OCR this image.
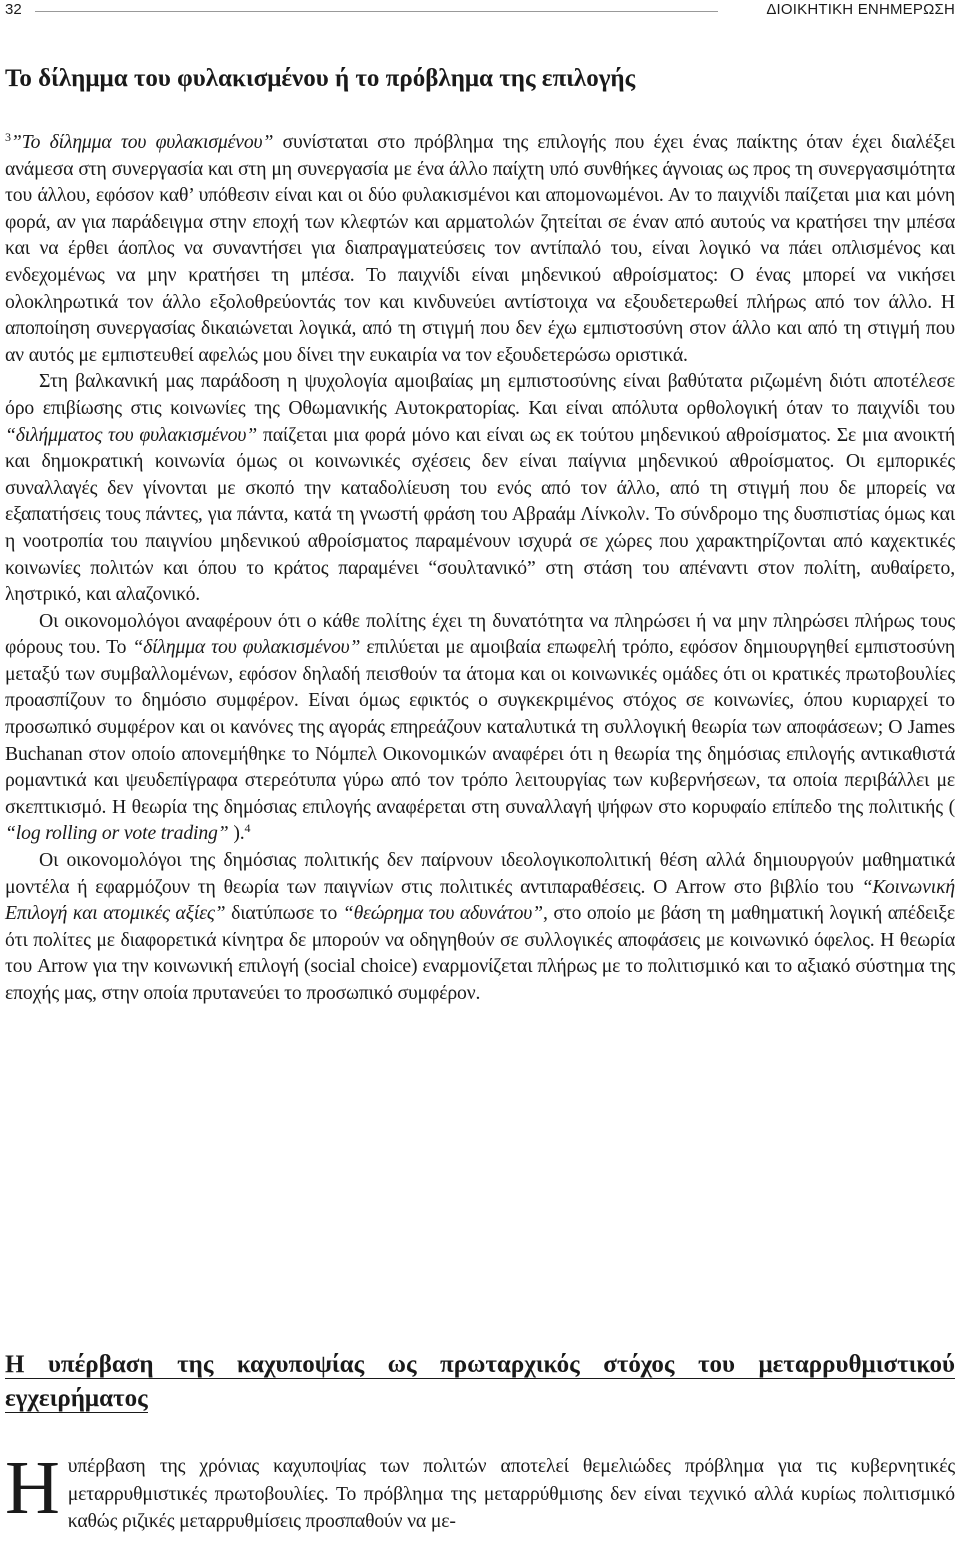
32	ΔΙΟΙΚΗΤΙΚΗ ΕΝΗΜΕΡΩΣΗ
Το δίλημμα του φυλακισμένου ή το πρόβλημα της επιλογής

$^3$”Το δίλημμα του φυλακισμένου” συνίσταται στο πρόβλημα της επιλογής που έχει ένας παίκτης όταν έχει διαλέξει ανάμεσα στη συνεργασία και στη μη συνεργασία με ένα άλλο παίχτη υπό συνθήκες άγνοιας ως προς τη συνεργασιμότητα του άλλου, εφόσον καθ’ υπόθεσιν είναι και οι δύο φυλακισμένοι και απομονωμένοι. Αν το παιχνίδι παίζεται μια και μόνη φορά, αν για παράδειγμα στην εποχή των κλεφτών και αρματολών ζητείται σε έναν από αυτούς να κρατήσει την μπέσα και να έρθει άοπλος να συναντήσει για διαπραγματεύσεις τον αντίπαλό του, είναι λογικό να πάει οπλισμένος και ενδεχομένως να μην κρατήσει τη μπέσα. Το παιχνίδι είναι μηδενικού αθροίσματος: Ο ένας μπορεί να νικήσει ολοκληρωτικά τον άλλο εξολοθρεύοντάς τον και κινδυνεύει αντίστοιχα να εξουδετερωθεί πλήρως από τον άλλο. Η αποποίηση συνεργασίας δικαιώνεται λογικά, από τη στιγμή που δεν έχω εμπιστοσύνη στον άλλο και από τη στιγμή που αν αυτός με εμπιστευθεί αφελώς μου δίνει την ευκαιρία να τον εξουδετερώσω οριστικά.

Στη βαλκανική μας παράδοση η ψυχολογία αμοιβαίας μη εμπιστοσύνης είναι βαθύτατα ριζωμένη διότι αποτέλεσε όρο επιβίωσης στις κοινωνίες της Οθωμανικής Αυτοκρατορίας. Και είναι απόλυτα ορθολογική όταν το παιχνίδι του “διλήμματος του φυλακισμένου” παίζεται μια φορά μόνο και είναι ως εκ τούτου μηδενικού αθροίσματος. Σε μια ανοικτή και δημοκρατική κοινωνία όμως οι κοινωνικές σχέσεις δεν είναι παίγνια μηδενικού αθροίσματος. Οι εμπορικές συναλλαγές δεν γίνονται με σκοπό την καταδολίευση του ενός από τον άλλο, από τη στιγμή που δε μπορείς να εξαπατήσεις τους πάντες, για πάντα, κατά τη γνωστή φράση του Αβραάμ Λίνκολν. Το σύνδρομο της δυσπιστίας όμως και η νοοτροπία του παιγνίου μηδενικού αθροίσματος παραμένουν ισχυρά σε χώρες που χαρακτηρίζονται από καχεκτικές κοινωνίες πολιτών και όπου το κράτος παραμένει “σουλτανικό” στη στάση του απέναντι στον πολίτη, αυθαίρετο, ληστρικό, και αλαζονικό.

Οι οικονομολόγοι αναφέρουν ότι ο κάθε πολίτης έχει τη δυνατότητα να πληρώσει ή να μην πληρώσει πλήρως τους φόρους του. Το “δίλημμα του φυλακισμένου” επιλύεται με αμοιβαία επωφελή τρόπο, εφόσον δημιουργηθεί εμπιστοσύνη μεταξύ των συμβαλλομένων, εφόσον δηλαδή πεισθούν τα άτομα και οι κοινωνικές ομάδες ότι οι κρατικές πρωτοβουλίες προασπίζουν το δημόσιο συμφέρον. Είναι όμως εφικτός ο συγκεκριμένος στόχος σε κοινωνίες, όπου κυριαρχεί το προσωπικό συμφέρον και οι κανόνες της αγοράς επηρεάζουν καταλυτικά τη συλλογική θεωρία των αποφάσεων; Ο James Buchanan στον οποίο απονεμήθηκε το Νόμπελ Οικονομικών αναφέρει ότι η θεωρία της δημόσιας επιλογής αντικαθιστά ρομαντικά και ψευδεπίγραφα στερεότυπα γύρω από τον τρόπο λειτουργίας των κυβερνήσεων, τα οποία περιβάλλει με σκεπτικισμό. Η θεωρία της δημόσιας επιλογής αναφέρεται στη συναλλαγή ψήφων στο κορυφαίο επίπεδο της πολιτικής ( “log rolling or vote trading” ).$^4$

Οι οικονομολόγοι της δημόσιας πολιτικής δεν παίρνουν ιδεολογικοπολιτική θέση αλλά δημιουργούν μαθηματικά μοντέλα ή εφαρμόζουν τη θεωρία των παιγνίων στις πολιτικές αντιπαραθέσεις. Ο Arrow στο βιβλίο του “Κοινωνική Επιλογή και ατομικές αξίες” διατύπωσε το “θεώρημα του αδυνάτου”, στο οποίο με βάση τη μαθηματική λογική απέδειξε ότι πολίτες με διαφορετικά κίνητρα δε μπορούν να οδηγηθούν σε συλλογικές αποφάσεις με κοινωνικό όφελος. Η θεωρία του Arrow για την κοινωνική επιλογή (social choice) εναρμονίζεται πλήρως με το πολιτισμικό και το αξιακό σύστημα της εποχής μας, στην οποία πρυτανεύει το προσωπικό συμφέρον.

Η υπέρβαση της καχυποψίας ως πρωταρχικός στόχος του μεταρρυθμιστικού εγχειρήματος

Ηυπέρβαση της χρόνιας καχυποψίας των πολιτών αποτελεί θεμελιώδες πρόβλημα για τις κυβερνητικές μεταρρυθμιστικές πρωτοβουλίες. Το πρόβλημα της μεταρρύθμισης δεν είναι τεχνικό αλλά κυρίως πολιτισμικό καθώς ριζικές μεταρρυθμίσεις προσπαθούν να με-
